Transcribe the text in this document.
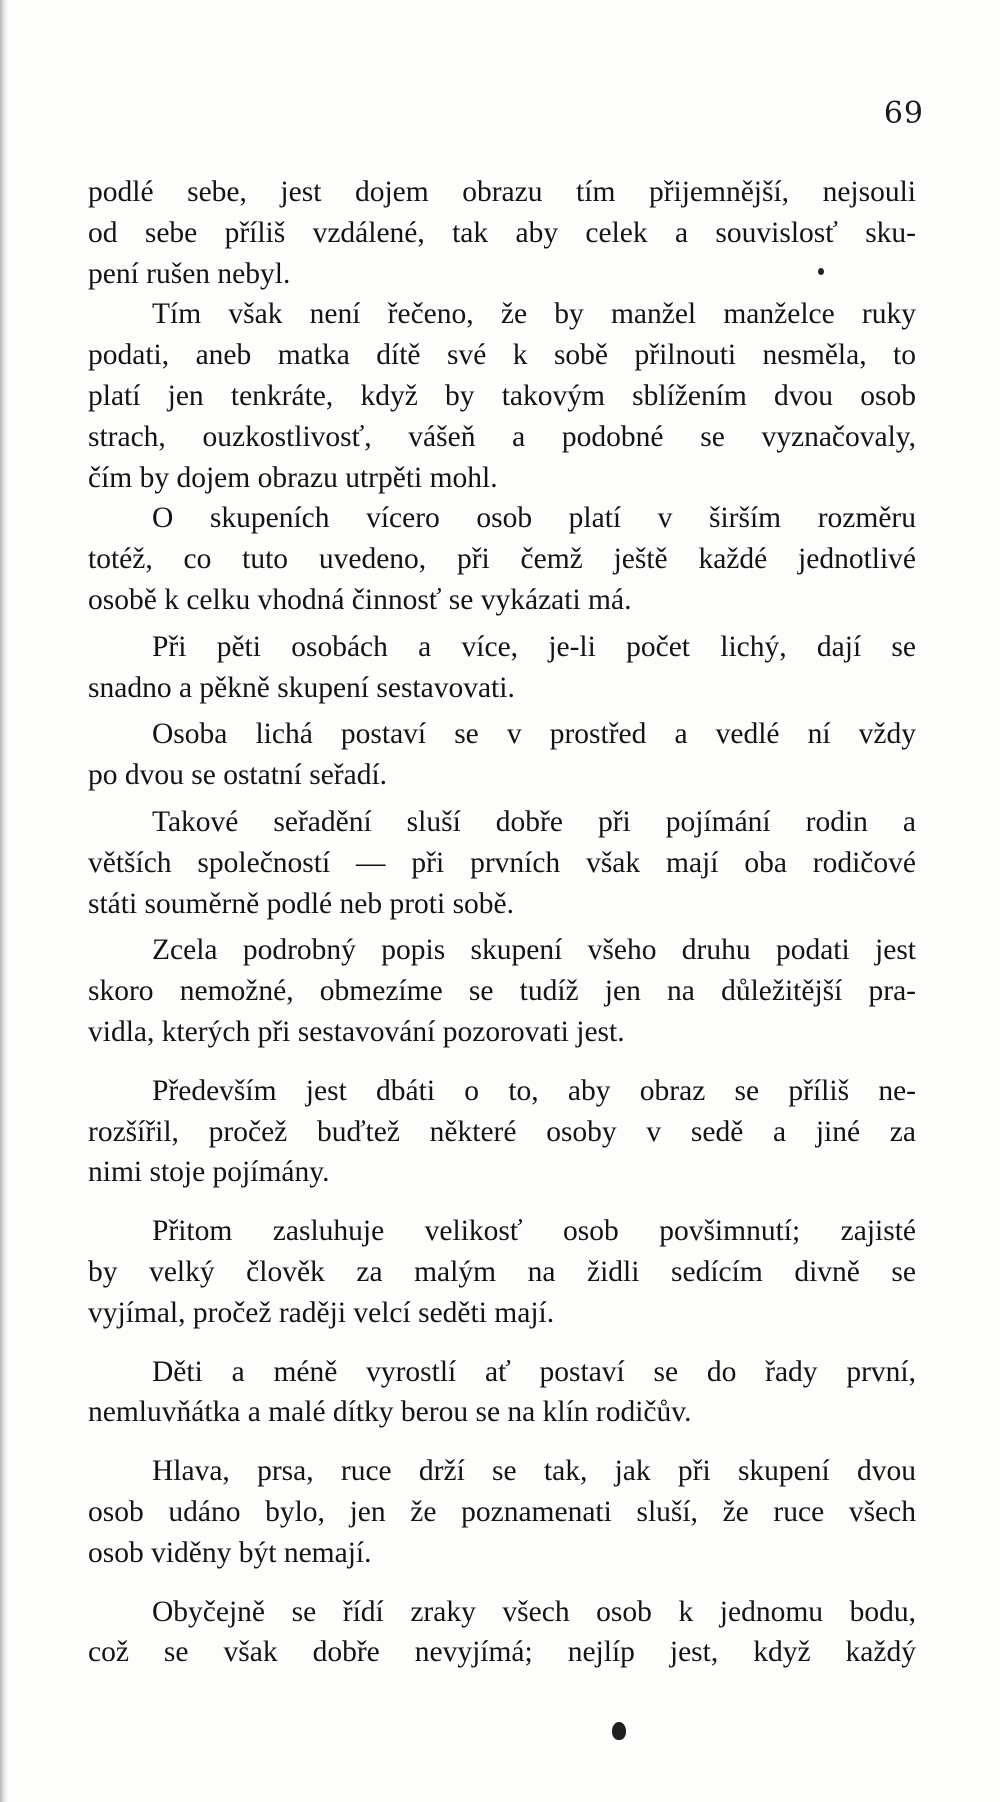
69
podlé sebe, jest dojem obrazu tím přijemnější, nejsouli
od sebe příliš vzdálené, tak aby celek a souvislosť sku-
pení rušen nebyl.
Tím však není řečeno, že by manžel manželce ruky
podati, aneb matka dítě své k sobě přilnouti nesměla, to
platí jen tenkráte, když by takovým sblížením dvou osob
strach, ouzkostlivosť, vášeň a podobné se vyznačovaly,
čím by dojem obrazu utrpěti mohl.
O skupeních vícero osob platí v širším rozměru
totéž, co tuto uvedeno, při čemž ještě každé jednotlivé
osobě k celku vhodná činnosť se vykázati má.
Při pěti osobách a více, je-li počet lichý, dají se
snadno a pěkně skupení sestavovati.
Osoba lichá postaví se v prostřed a vedlé ní vždy
po dvou se ostatní seřadí.
Takové seřadění sluší dobře při pojímání rodin a
větších společností — při prvních však mají oba rodičové
státi souměrně podlé neb proti sobě.
Zcela podrobný popis skupení všeho druhu podati jest
skoro nemožné, obmezíme se tudíž jen na důležitější pra-
vidla, kterých při sestavování pozorovati jest.
Především jest dbáti o to, aby obraz se příliš ne-
rozšířil, pročež buďtež některé osoby v sedě a jiné za
nimi stoje pojímány.
Přitom zasluhuje velikosť osob povšimnutí; zajisté
by velký člověk za malým na židli sedícím divně se
vyjímal, pročež raději velcí seděti mají.
Děti a méně vyrostlí ať postaví se do řady první,
nemluvňátka a malé dítky berou se na klín rodičův.
Hlava, prsa, ruce drží se tak, jak při skupení dvou
osob udáno bylo, jen že poznamenati sluší, že ruce všech
osob viděny být nemají.
Obyčejně se řídí zraky všech osob k jednomu bodu,
což se však dobře nevyjímá; nejlíp jest, když každý
